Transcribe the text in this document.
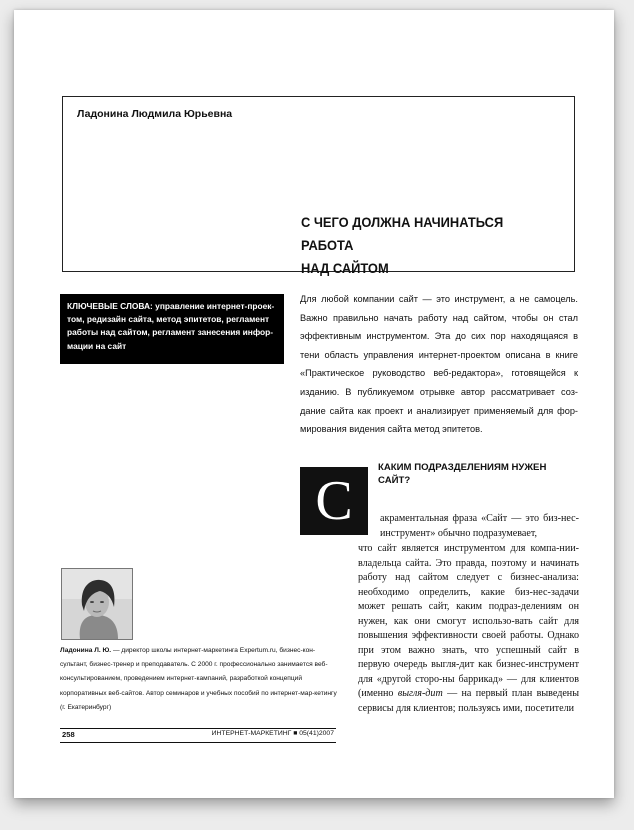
Ладонина Людмила Юрьевна
С ЧЕГО ДОЛЖНА НАЧИНАТЬСЯ РАБОТА
НАД САЙТОМ
КЛЮЧЕВЫЕ СЛОВА: управление интернет-проек-том, редизайн сайта, метод эпитетов, регламент работы над сайтом, регламент занесения инфор-мации на сайт
Для любой компании сайт — это инструмент, а не самоцель. Важно правильно начать работу над сайтом, чтобы он стал эффективным инструментом. Эта до сих пор находящаяся в тени область управления интернет-проектом описана в книге «Практическое руководство веб-редактора», готовящейся к изданию. В публикуемом отрывке автор рассматривает соз-дание сайта как проект и анализирует применяемый для фор-мирования видения сайта метод эпитетов.
С
КАКИМ ПОДРАЗДЕЛЕНИЯМ НУЖЕН САЙТ?
акраментальная фраза «Сайт — это биз-нес-инструмент» обычно подразумевает,
что сайт является инструментом для компа-нии-владельца сайта. Это правда, поэтому и начинать работу над сайтом следует с бизнес-анализа: необходимо определить, какие биз-нес-задачи может решать сайт, каким подраз-делениям он нужен, как они смогут использо-вать сайт для повышения эффективности своей работы. Однако при этом важно знать, что успешный сайт в первую очередь выгля-дит как бизнес-инструмент для «другой сторо-ны баррикад» — для клиентов (именно выгля-дит — на первый план выведены сервисы для клиентов; пользуясь ими, посетители
Ладонина Л. Ю. — директор школы интернет-маркетинга Expertum.ru, бизнес-кон-сультант, бизнес-тренер и преподаватель. С 2000 г. профессионально занимается веб-консультированием, проведением интернет-кампаний, разработкой концепций корпоративных веб-сайтов. Автор семинаров и учебных пособий по интернет-мар-кетингу (г. Екатеринбург)
258	ИНТЕРНЕТ-МАРКЕТИНГ ■ 05(41)2007
